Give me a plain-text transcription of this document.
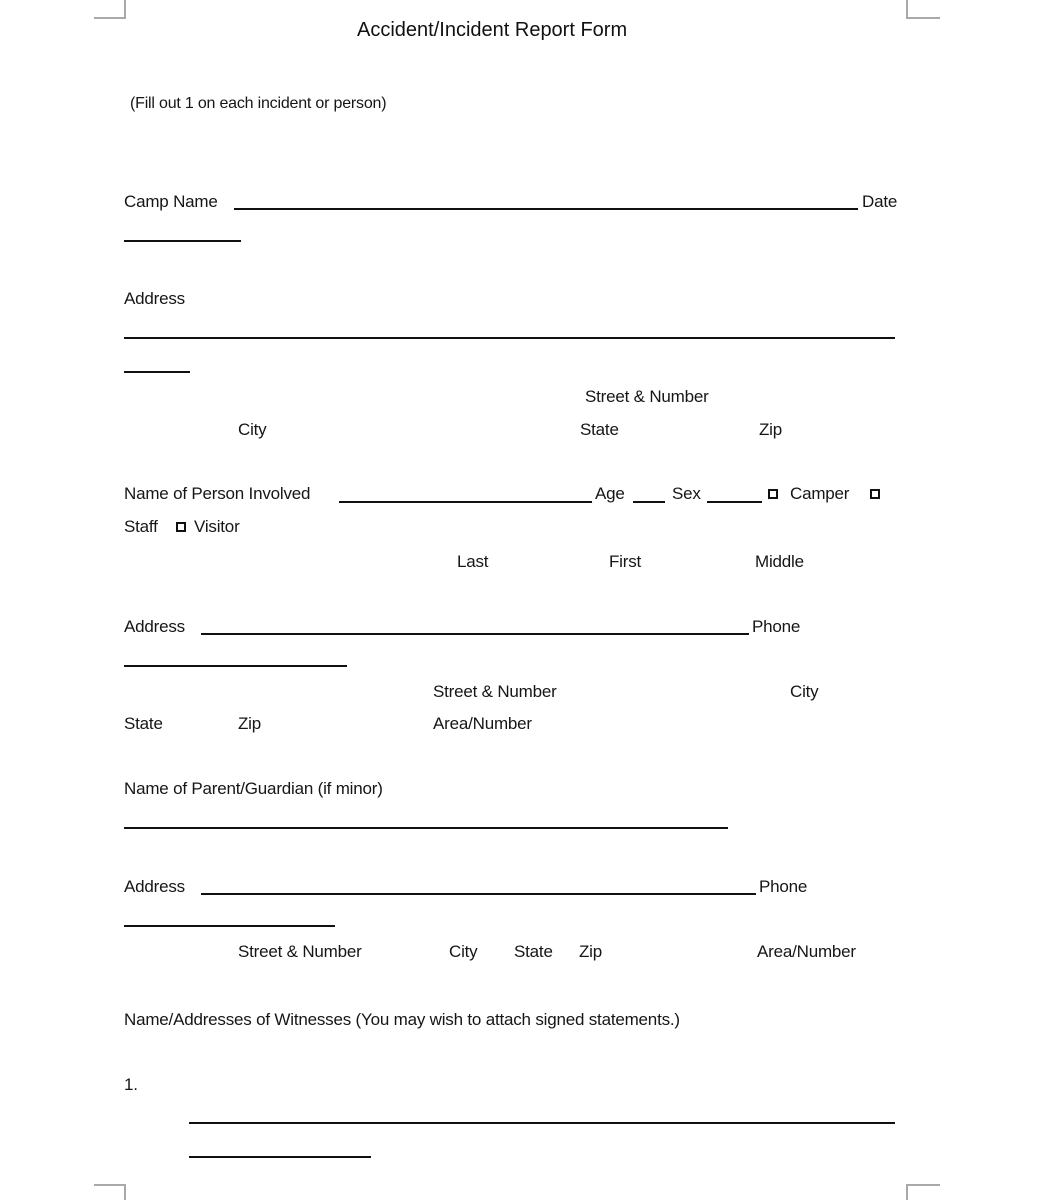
Accident/Incident Report Form
(Fill out 1 on each incident or person)
Camp Name	Date
Address
Street & Number
City	State	Zip
Name of Person Involved	Age	Sex	Camper
Staff Visitor
Last	First	Middle
Address	Phone
Street & Number	City
State	Zip	Area/Number
Name of Parent/Guardian (if minor)
Address	Phone
Street & Number	City State Zip	Area/Number
Name/Addresses of Witnesses (You may wish to attach signed statements.)
1.
